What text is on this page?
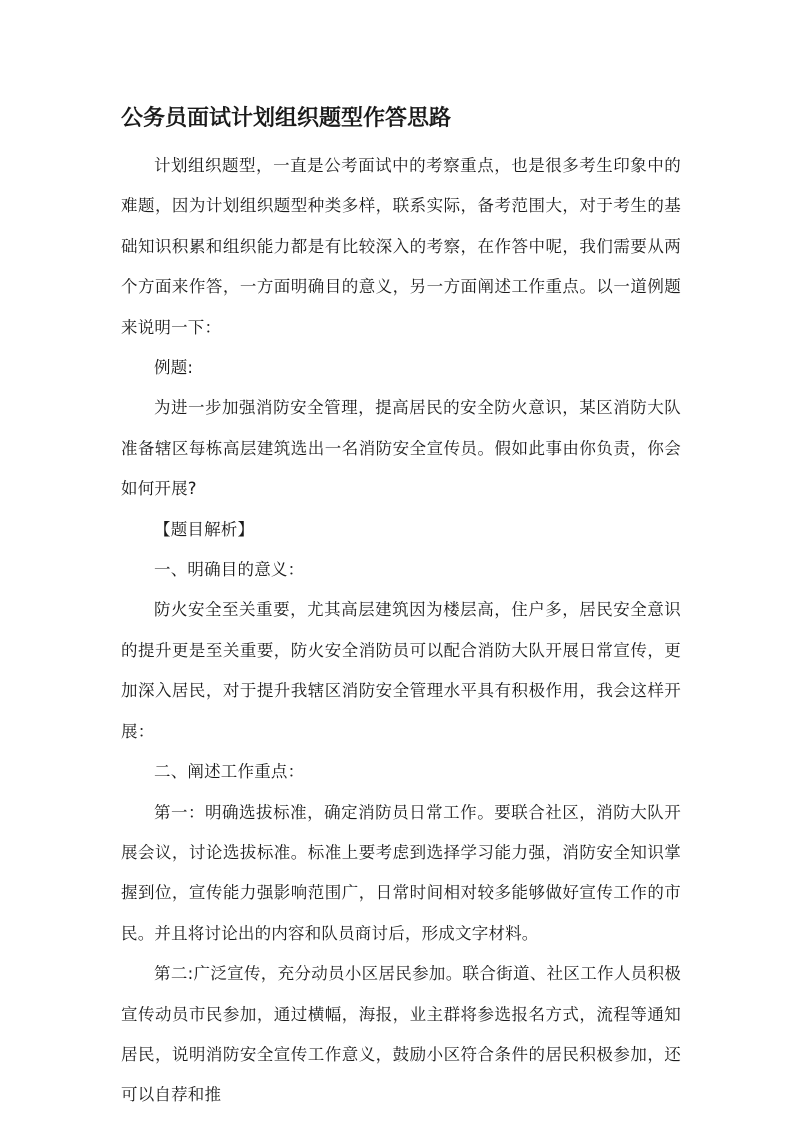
公务员面试计划组织题型作答思路

计划组织题型，一直是公考面试中的考察重点，也是很多考生印象中的难题，因为计划组织题型种类多样，联系实际，备考范围大，对于考生的基础知识积累和组织能力都是有比较深入的考察，在作答中呢，我们需要从两个方面来作答，一方面明确目的意义，另一方面阐述工作重点。以一道例题来说明一下：

例题:

为进一步加强消防安全管理，提高居民的安全防火意识，某区消防大队准备辖区每栋高层建筑选出一名消防安全宣传员。假如此事由你负责，你会如何开展?

【题目解析】

一、明确目的意义：

防火安全至关重要，尤其高层建筑因为楼层高，住户多，居民安全意识的提升更是至关重要，防火安全消防员可以配合消防大队开展日常宣传，更加深入居民，对于提升我辖区消防安全管理水平具有积极作用，我会这样开展：

二、阐述工作重点：

第一：明确选拔标准，确定消防员日常工作。要联合社区，消防大队开展会议，讨论选拔标准。标准上要考虑到选择学习能力强，消防安全知识掌握到位，宣传能力强影响范围广，日常时间相对较多能够做好宣传工作的市民。并且将讨论出的内容和队员商讨后，形成文字材料。

第二:广泛宣传，充分动员小区居民参加。联合街道、社区工作人员积极宣传动员市民参加，通过横幅，海报，业主群将参选报名方式，流程等通知居民，说明消防安全宣传工作意义，鼓励小区符合条件的居民积极参加，还可以自荐和推
